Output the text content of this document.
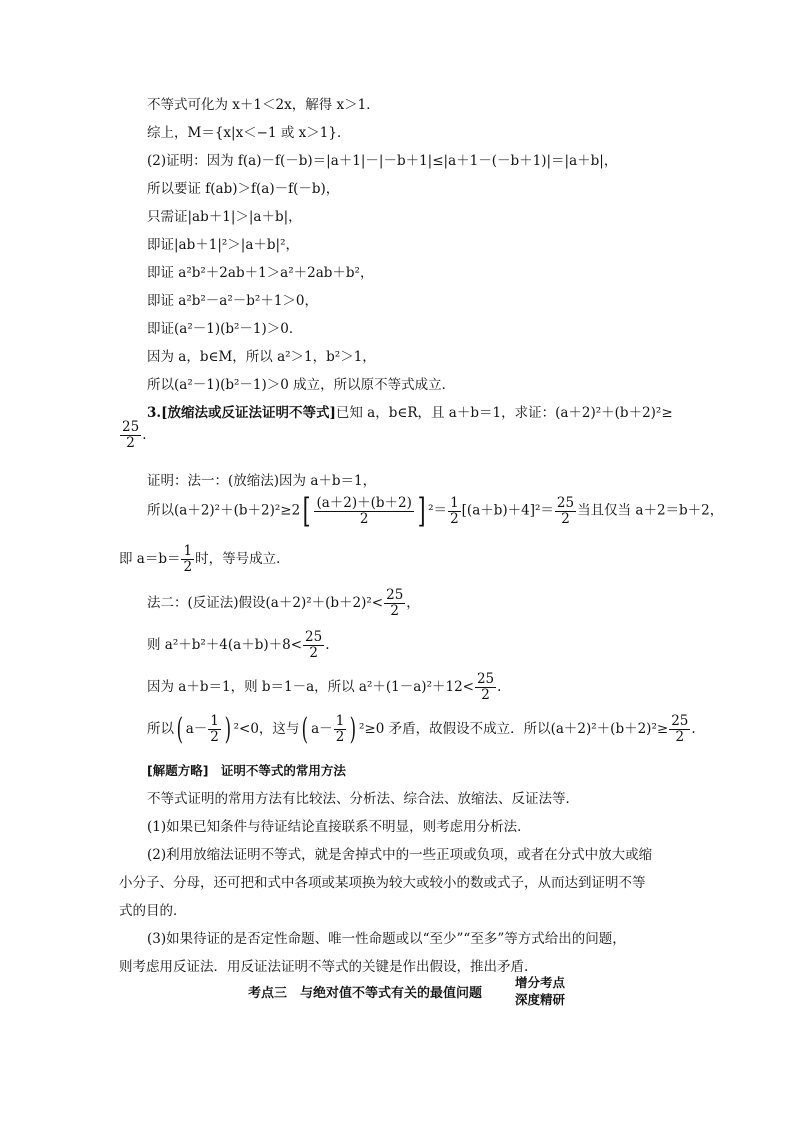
不等式可化为 x＋1＜2x，解得 x＞1．
综上，M＝{x|x＜−1 或 x＞1}．
(2)证明：因为 f(a)－f(－b)＝|a＋1|－|－b＋1|≤|a＋1－(－b＋1)|＝|a＋b|，
所以要证 f(ab)＞f(a)－f(－b)，
只需证|ab＋1|＞|a＋b|，
即证|ab＋1|²＞|a＋b|²，
即证 a²b²＋2ab＋1＞a²＋2ab＋b²，
即证 a²b²－a²－b²＋1＞0，
即证(a²－1)(b²－1)＞0．
因为 a，b∈M，所以 a²＞1，b²＞1，
所以(a²－1)(b²－1)＞0 成立，所以原不等式成立．
3.[放缩法或反证法证明不等式]已知 a，b∈R，且 a＋b＝1，求证：(a＋2)²＋(b＋2)²≥
$\frac{25}{2}$ .
证明：法一：(放缩法)因为 a＋b＝1，
所以$(a+2)^2+(b+2)^2\ge 2[ \frac{(a+2)+(b+2)}{2}$ ] $^2= \frac{1}{2} [(a+b)+4]^2= \frac{25}{2}$ 当且仅当 a＋2＝b＋2，
即 $a=b= \frac{1}{2}$ 时，等号成立．
法二：(反证法)假设$(a+2)^2+(b+2)^2< \frac{25}{2}$ ，
则 $a^2+b^2+4(a+b)+8< \frac{25}{2}$ .
因为 a＋b＝1，则 b＝1－a，所以 $a^2+(1-a)^2+12< \frac{25}{2}$ .
所以( $a- \frac{1}{2}$ ) ²<0，这与( $a- \frac{1}{2}$ ) ²≥0 矛盾，故假设不成立．所以$(a+2)^2+(b+2)^2\ge \frac{25}{2}$ .
[解题方略]　证明不等式的常用方法
不等式证明的常用方法有比较法、分析法、综合法、放缩法、反证法等．
(1)如果已知条件与待证结论直接联系不明显，则考虑用分析法．
(2)利用放缩法证明不等式，就是舍掉式中的一些正项或负项，或者在分式中放大或缩
小分子、分母，还可把和式中各项或某项换为较大或较小的数或式子，从而达到证明不等
式的目的．
(3)如果待证的是否定性命题、唯一性命题或以“至少”“至多”等方式给出的问题，
则考虑用反证法．用反证法证明不等式的关键是作出假设，推出矛盾.
考点三　与绝对值不等式有关的最值问题
增分考点
深度精研
